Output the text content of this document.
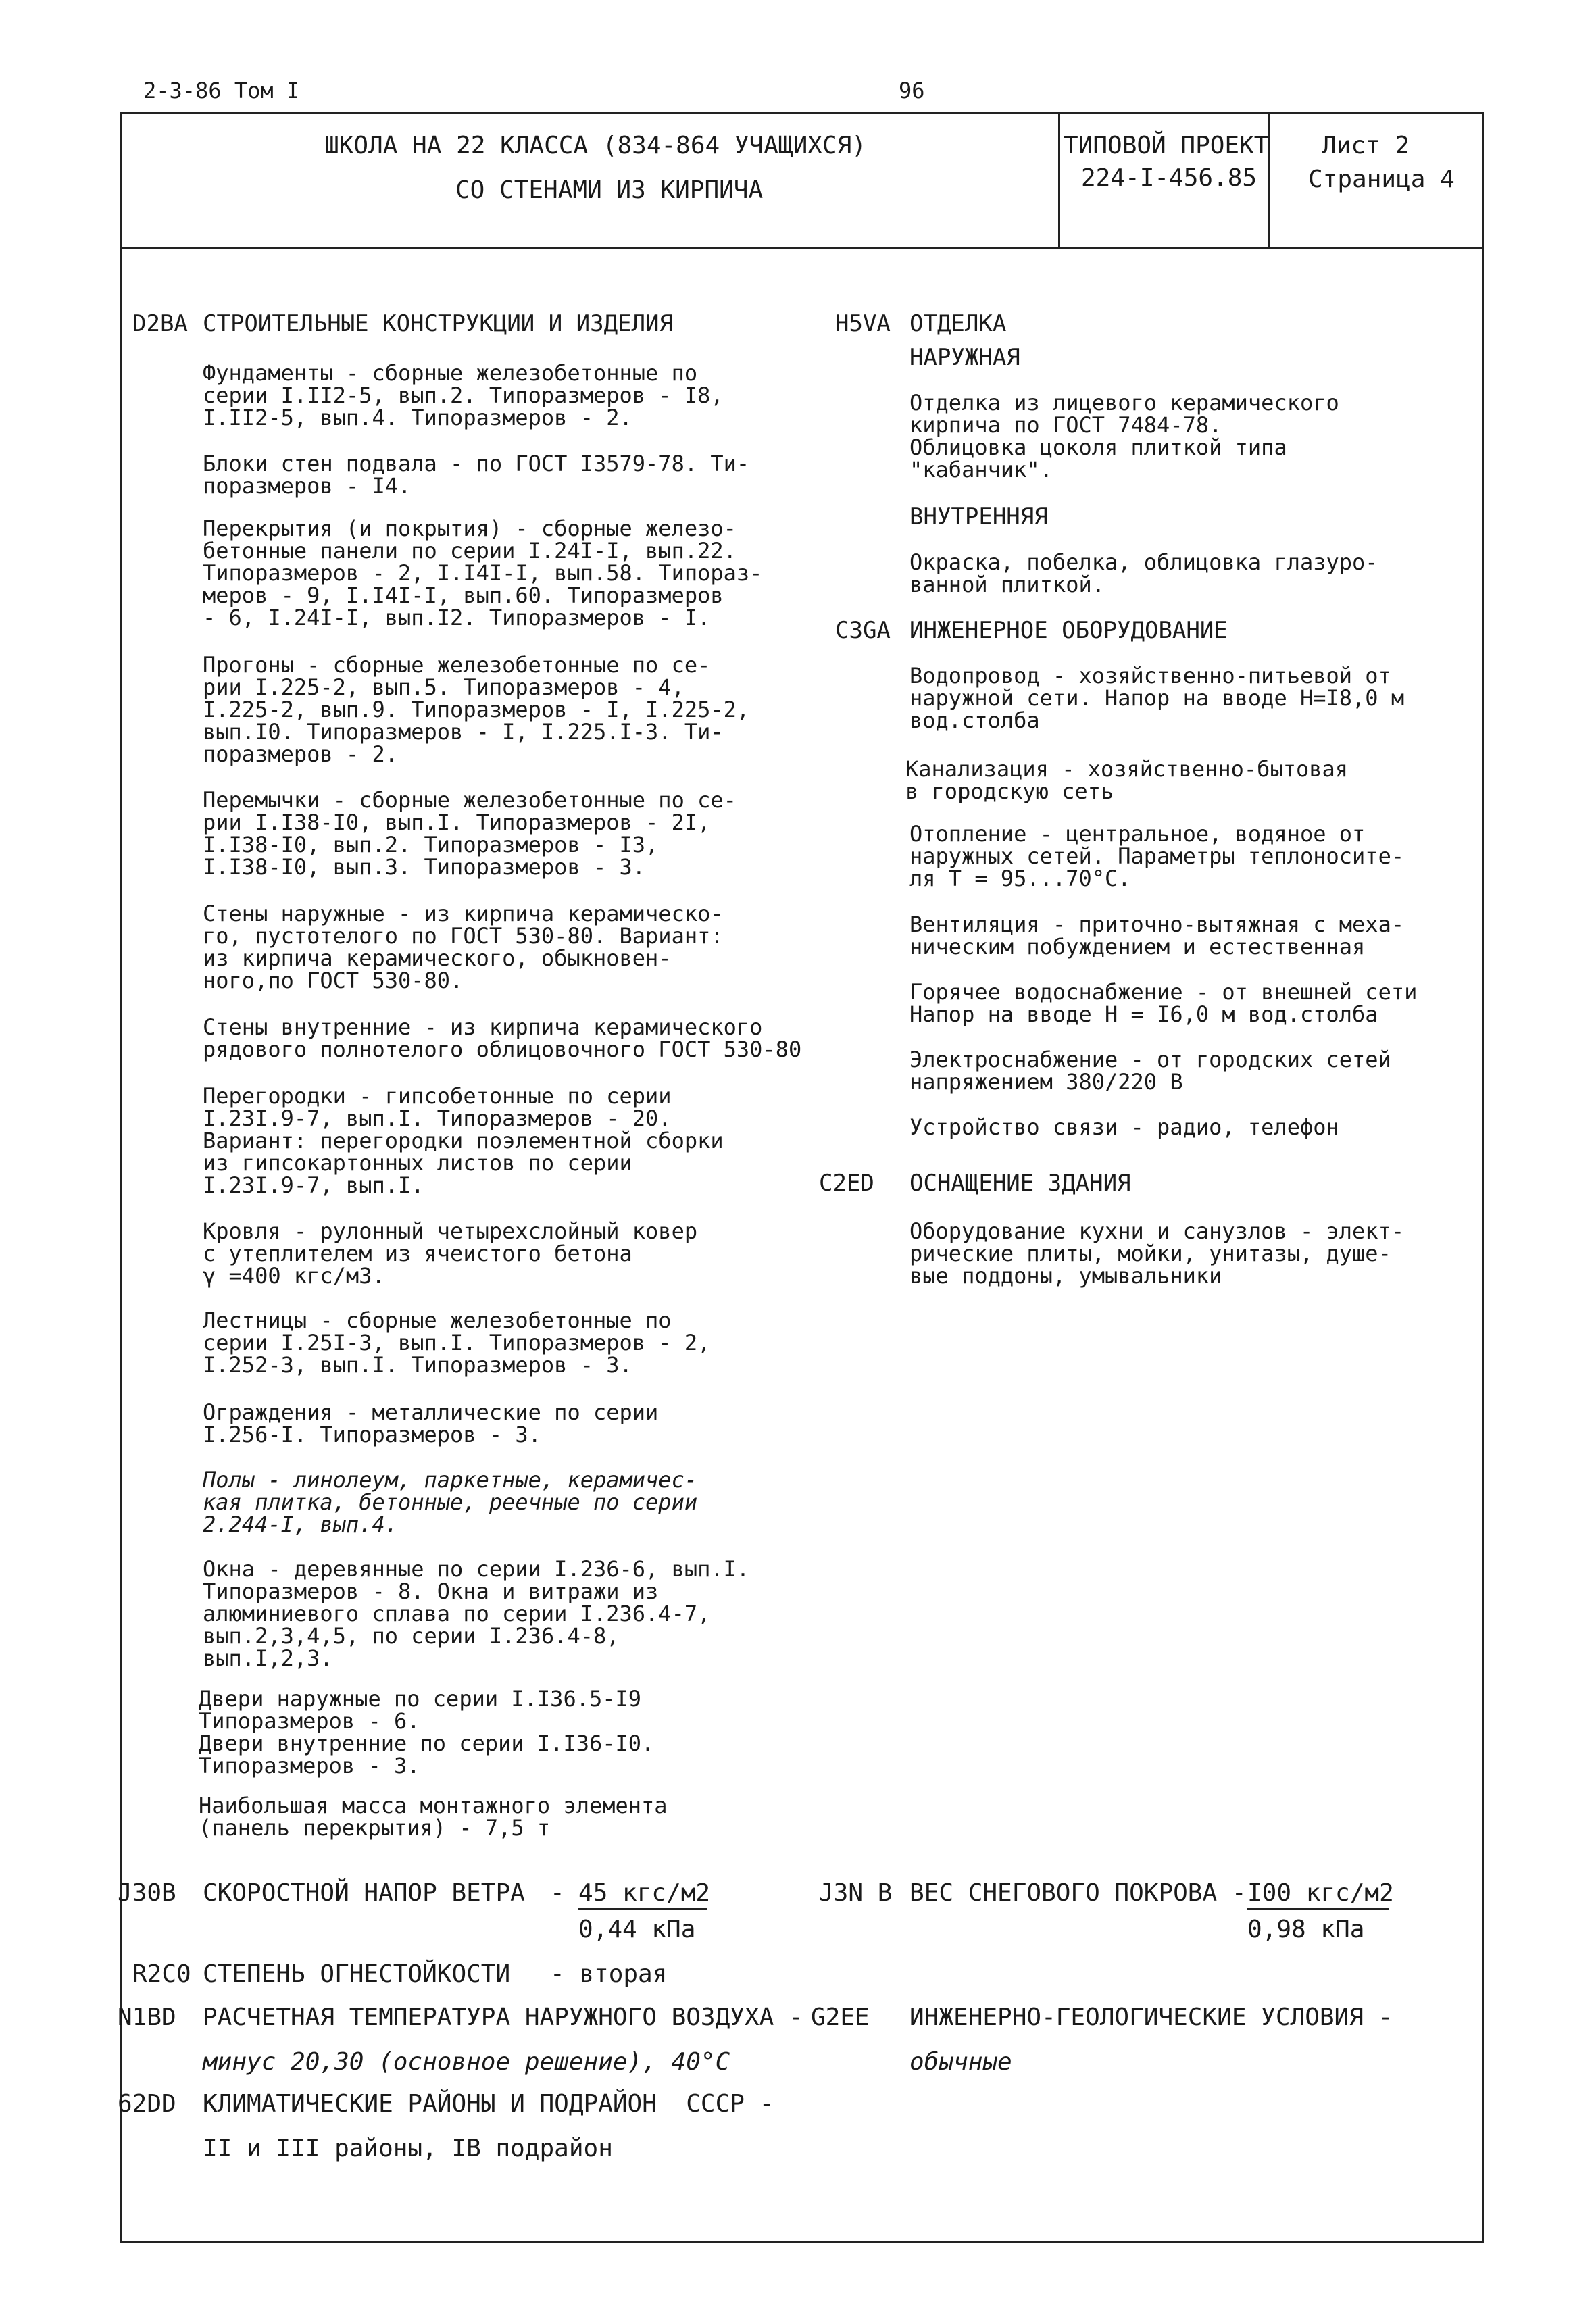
2-3-86 Том I	96
ШКОЛА НА 22 КЛАССА (834-864 УЧАЩИХСЯ)
СО СТЕНАМИ ИЗ КИРПИЧА
ТИПОВОЙ ПРОЕКТ
224-I-456.85
Лист 2
Страница 4
D2BA СТРОИТЕЛЬНЫЕ КОНСТРУКЦИИ И ИЗДЕЛИЯ
Фундаменты - сборные железобетонные по
серии I.II2-5, вып.2. Типоразмеров - I8,
I.II2-5, вып.4. Типоразмеров - 2.
Блоки стен подвала - по ГОСТ I3579-78. Ти-
поразмеров - I4.
Перекрытия (и покрытия) - сборные железо-
бетонные панели по серии I.24I-I, вып.22.
Типоразмеров - 2, I.I4I-I, вып.58. Типораз-
меров - 9, I.I4I-I, вып.60. Типоразмеров
- 6, I.24I-I, вып.I2. Типоразмеров - I.
Прогоны - сборные железобетонные по се-
рии I.225-2, вып.5. Типоразмеров - 4,
I.225-2, вып.9. Типоразмеров - I, I.225-2,
вып.I0. Типоразмеров - I, I.225.I-3. Ти-
поразмеров - 2.
Перемычки - сборные железобетонные по се-
рии I.I38-I0, вып.I. Типоразмеров - 2I,
I.I38-I0, вып.2. Типоразмеров - I3,
I.I38-I0, вып.3. Типоразмеров - 3.
Стены наружные - из кирпича керамическо-
го, пустотелого по ГОСТ 530-80. Вариант:
из кирпича керамического, обыкновен-
ного,по ГОСТ 530-80.
Стены внутренние - из кирпича керамического
рядового полнотелого облицовочного ГОСТ 530-80
Перегородки - гипсобетонные по серии
I.23I.9-7, вып.I. Типоразмеров - 20.
Вариант: перегородки поэлементной сборки
из гипсокартонных листов по серии
I.23I.9-7, вып.I.
Кровля - рулонный четырехслойный ковер
с утеплителем из ячеистого бетона
γ =400 кгс/м3.
Лестницы - сборные железобетонные по
серии I.25I-3, вып.I. Типоразмеров - 2,
I.252-3, вып.I. Типоразмеров - 3.
Ограждения - металлические по серии
I.256-I. Типоразмеров - 3.
Полы - линолеум, паркетные, керамичес-
кая плитка, бетонные, реечные по серии
2.244-I, вып.4.
Окна - деревянные по серии I.236-6, вып.I.
Типоразмеров - 8. Окна и витражи из
алюминиевого сплава по серии I.236.4-7,
вып.2,3,4,5, по серии I.236.4-8,
вып.I,2,3.
Двери наружные по серии I.I36.5-I9
Типоразмеров - 6.
Двери внутренние по серии I.I36-I0.
Типоразмеров - 3.
Наибольшая масса монтажного элемента
(панель перекрытия) - 7,5 т
H5VA ОТДЕЛКА
НАРУЖНАЯ
Отделка из лицевого керамического
кирпича по ГОСТ 7484-78.
Облицовка цоколя плиткой типа
"кабанчик".
ВНУТРЕННЯЯ
Окраска, побелка, облицовка глазуро-
ванной плиткой.
C3GA ИНЖЕНЕРНОЕ ОБОРУДОВАНИЕ
Водопровод - хозяйственно-питьевой от
наружной сети. Напор на вводе Н=I8,0 м
вод.столба
Канализация - хозяйственно-бытовая
в городскую сеть
Отопление - центральное, водяное от
наружных сетей. Параметры теплоносите-
ля Т = 95...70°С.
Вентиляция - приточно-вытяжная с меха-
ническим побуждением и естественная
Горячее водоснабжение - от внешней сети
Напор на вводе Н = I6,0 м вод.столба
Электроснабжение - от городских сетей
напряжением 380/220 В
Устройство связи - радио, телефон
C2ED ОСНАЩЕНИЕ ЗДАНИЯ
Оборудование кухни и санузлов - элект-
рические плиты, мойки, унитазы, душе-
вые поддоны, умывальники
J30B СКОРОСТНОЙ НАПОР ВЕТРА - 45 кгс/м2
0,44 кПа
J3N B ВЕС СНЕГОВОГО ПОКРОВА - I00 кгс/м2
0,98 кПа
R2C0 СТЕПЕНЬ ОГНЕСТОЙКОСТИ - вторая
N1BD РАСЧЕТНАЯ ТЕМПЕРАТУРА НАРУЖНОГО ВОЗДУХА -
минус 20,30 (основное решение), 40°С
G2EE ИНЖЕНЕРНО-ГЕОЛОГИЧЕСКИЕ УСЛОВИЯ -
обычные
62DD КЛИМАТИЧЕСКИЕ РАЙОНЫ И ПОДРАЙОН  СССР -
II и III районы, IВ подрайон
